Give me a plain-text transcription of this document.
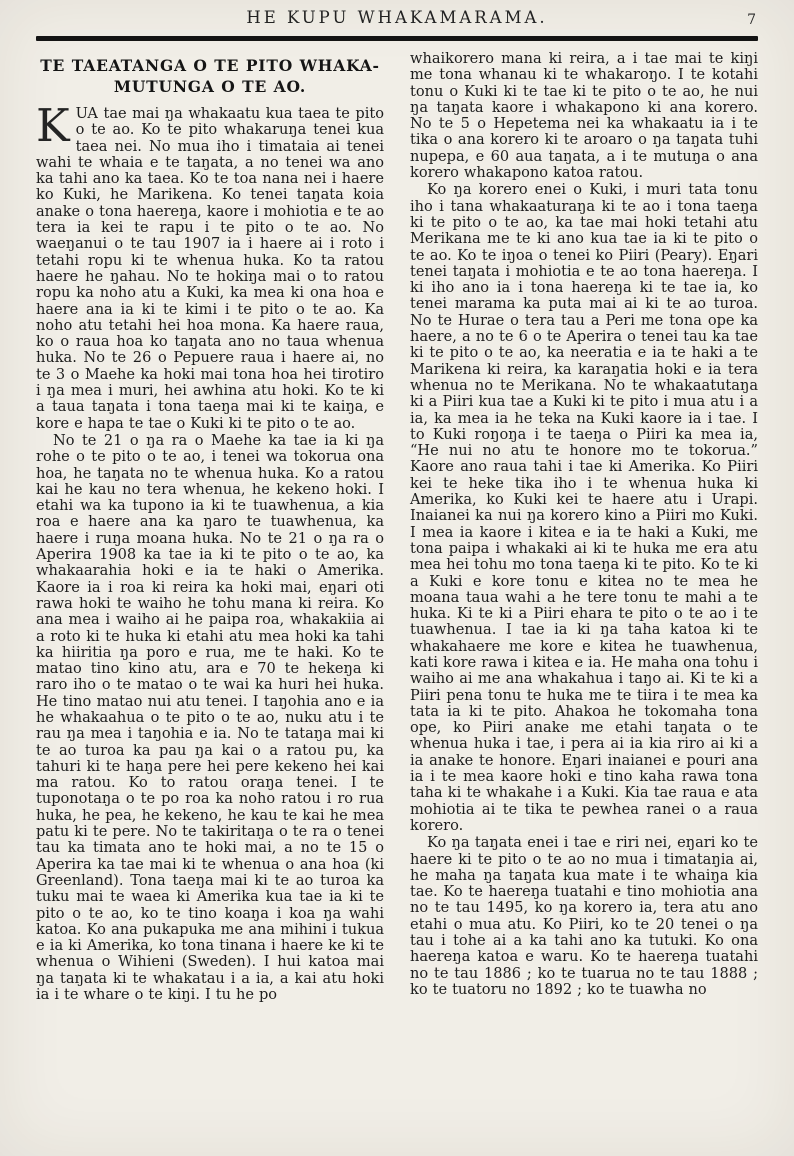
HE KUPU WHAKAMARAMA.	7
TE TAEATANGA O TE PITO WHAKA-
MUTUNGA O TE AO.

KUA tae mai ŋa whakaatu kua taea te pito o te ao. Ko te pito whakaruŋa tenei kua taea nei. No mua iho i timataia ai tenei wahi te whaia e te taŋata, a no tenei wa ano ka tahi ano ka taea. Ko te toa nana nei i haere ko Kuki, he Marikena. Ko tenei taŋata koia anake o tona haereŋa, kaore i mohiotia e te ao tera ia kei te rapu i te pito o te ao. No waeŋanui o te tau 1907 ia i haere ai i roto i tetahi ropu ki te whenua huka. Ko ta ratou haere he ŋahau. No te hokiŋa mai o to ratou ropu ka noho atu a Kuki, ka mea ki ona hoa e haere ana ia ki te kimi i te pito o te ao. Ka noho atu tetahi hei hoa mona. Ka haere raua, ko o raua hoa ko taŋata ano no taua whenua huka. No te 26 o Pepuere raua i haere ai, no te 3 o Maehe ka hoki mai tona hoa hei tirotiro i ŋa mea i muri, hei awhina atu hoki. Ko te ki a taua taŋata i tona taeŋa mai ki te kaiŋa, e kore e hapa te tae o Kuki ki te pito o te ao.

No te 21 o ŋa ra o Maehe ka tae ia ki ŋa rohe o te pito o te ao, i tenei wa tokorua ona hoa, he taŋata no te whenua huka. Ko a ratou kai he kau no tera whenua, he kekeno hoki. I etahi wa ka tupono ia ki te tuawhenua, a kia roa e haere ana ka ŋaro te tuawhenua, ka haere i ruŋa moana huka. No te 21 o ŋa ra o Aperira 1908 ka tae ia ki te pito o te ao, ka whakaarahia hoki e ia te haki o Amerika. Kaore ia i roa ki reira ka hoki mai, eŋari oti rawa hoki te waiho he tohu mana ki reira. Ko ana mea i waiho ai he paipa roa, whakakiia ai a roto ki te huka ki etahi atu mea hoki ka tahi ka hiiritia ŋa poro e rua, me te haki. Ko te matao tino kino atu, ara e 70 te hekeŋa ki raro iho o te matao o te wai ka huri hei huka. He tino matao nui atu tenei. I taŋohia ano e ia he whakaahua o te pito o te ao, nuku atu i te rau ŋa mea i taŋohia e ia. No te tataŋa mai ki te ao turoa ka pau ŋa kai o a ratou pu, ka tahuri ki te haŋa pere hei pere kekeno hei kai ma ratou. Ko to ratou oraŋa tenei. I te tuponotaŋa o te po roa ka noho ratou i ro rua huka, he pea, he kekeno, he kau te kai he mea patu ki te pere. No te takiritaŋa o te ra o tenei tau ka timata ano te hoki mai, a no te 15 o Aperira ka tae mai ki te whenua o ana hoa (ki Greenland). Tona taeŋa mai ki te ao turoa ka tuku mai te waea ki Amerika kua tae ia ki te pito o te ao, ko te tino koaŋa i koa ŋa wahi katoa. Ko ana pukapuka me ana mihini i tukua e ia ki Amerika, ko tona tinana i haere ke ki te whenua o Wihieni (Sweden). I hui katoa mai ŋa taŋata ki te whakatau i a ia, a kai atu hoki ia i te whare o te kiŋi. I tu he po

whaikorero mana ki reira, a i tae mai te kiŋi me tona whanau ki te whakaroŋo. I te kotahi tonu o Kuki ki te tae ki te pito o te ao, he nui ŋa taŋata kaore i whakapono ki ana korero. No te 5 o Hepetema nei ka whakaatu ia i te tika o ana korero ki te aroaro o ŋa taŋata tuhi nupepa, e 60 aua taŋata, a i te mutuŋa o ana korero whakapono katoa ratou.

Ko ŋa korero enei o Kuki, i muri tata tonu iho i tana whakaaturaŋa ki te ao i tona taeŋa ki te pito o te ao, ka tae mai hoki tetahi atu Merikana me te ki ano kua tae ia ki te pito o te ao. Ko te iŋoa o tenei ko Piiri (Peary). Eŋari tenei taŋata i mohiotia e te ao tona haereŋa. I ki iho ano ia i tona haereŋa ki te tae ia, ko tenei marama ka puta mai ai ki te ao turoa. No te Hurae o tera tau a Peri me tona ope ka haere, a no te 6 o te Aperira o tenei tau ka tae ki te pito o te ao, ka neeratia e ia te haki a te Marikena ki reira, ka karaŋatia hoki e ia tera whenua no te Merikana. No te whakaatutaŋa ki a Piiri kua tae a Kuki ki te pito i mua atu i a ia, ka mea ia he teka na Kuki kaore ia i tae. I to Kuki roŋoŋa i te taeŋa o Piiri ka mea ia, “He nui no atu te honore mo te tokorua.” Kaore ano raua tahi i tae ki Amerika. Ko Piiri kei te heke tika iho i te whenua huka ki Amerika, ko Kuki kei te haere atu i Urapi. Inaianei ka nui ŋa korero kino a Piiri mo Kuki. I mea ia kaore i kitea e ia te haki a Kuki, me tona paipa i whakaki ai ki te huka me era atu mea hei tohu mo tona taeŋa ki te pito. Ko te ki a Kuki e kore tonu e kitea no te mea he moana taua wahi a he tere tonu te mahi a te huka. Ki te ki a Piiri ehara te pito o te ao i te tuawhenua. I tae ia ki ŋa taha katoa ki te whakahaere me kore e kitea he tuawhenua, kati kore rawa i kitea e ia. He maha ona tohu i waiho ai me ana whakahua i taŋo ai. Ki te ki a Piiri pena tonu te huka me te tiira i te mea ka tata ia ki te pito. Ahakoa he tokomaha tona ope, ko Piiri anake me etahi taŋata o te whenua huka i tae, i pera ai ia kia riro ai ki a ia anake te honore. Eŋari inaianei e pouri ana ia i te mea kaore hoki e tino kaha rawa tona taha ki te whakahe i a Kuki. Kia tae raua e ata mohiotia ai te tika te pewhea ranei o a raua korero.

Ko ŋa taŋata enei i tae e riri nei, eŋari ko te haere ki te pito o te ao no mua i timataŋia ai, he maha ŋa taŋata kua mate i te whaiŋa kia tae. Ko te haereŋa tuatahi e tino mohiotia ana no te tau 1495, ko ŋa korero ia, tera atu ano etahi o mua atu. Ko Piiri, ko te 20 tenei o ŋa tau i tohe ai a ka tahi ano ka tutuki. Ko ona haereŋa katoa e waru. Ko te haereŋa tuatahi no te tau 1886 ; ko te tuarua no te tau 1888 ; ko te tuatoru no 1892 ; ko te tuawha no
